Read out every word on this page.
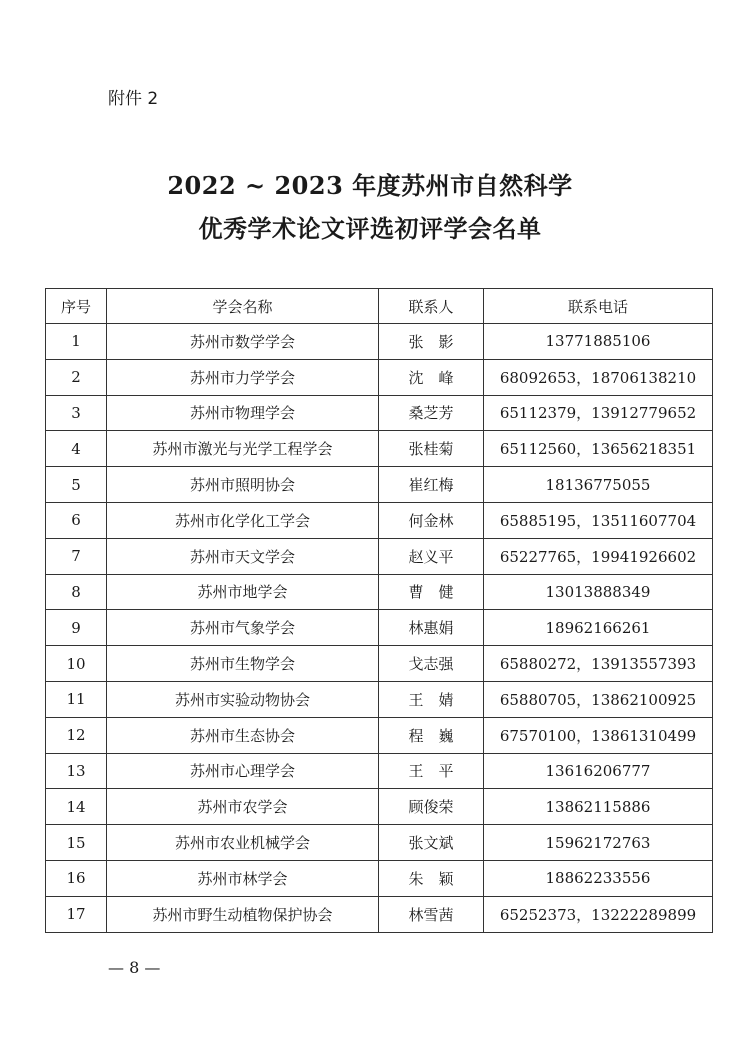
附件 2
2022 ~ 2023 年度苏州市自然科学
优秀学术论文评选初评学会名单
序号	学会名称	联系人	联系电话
1	苏州市数学学会	张　影	13771885106
2	苏州市力学学会	沈　峰	68092653，18706138210
3	苏州市物理学会	桑芝芳	65112379，13912779652
4	苏州市激光与光学工程学会	张桂菊	65112560，13656218351
5	苏州市照明协会	崔红梅	18136775055
6	苏州市化学化工学会	何金林	65885195，13511607704
7	苏州市天文学会	赵义平	65227765，19941926602
8	苏州市地学会	曹　健	13013888349
9	苏州市气象学会	林惠娟	18962166261
10	苏州市生物学会	戈志强	65880272，13913557393
11	苏州市实验动物协会	王　婧	65880705，13862100925
12	苏州市生态协会	程　巍	67570100，13861310499
13	苏州市心理学会	王　平	13616206777
14	苏州市农学会	顾俊荣	13862115886
15	苏州市农业机械学会	张文斌	15962172763
16	苏州市林学会	朱　颖	18862233556
17	苏州市野生动植物保护协会	林雪茜	65252373，13222289899
— 8 —
